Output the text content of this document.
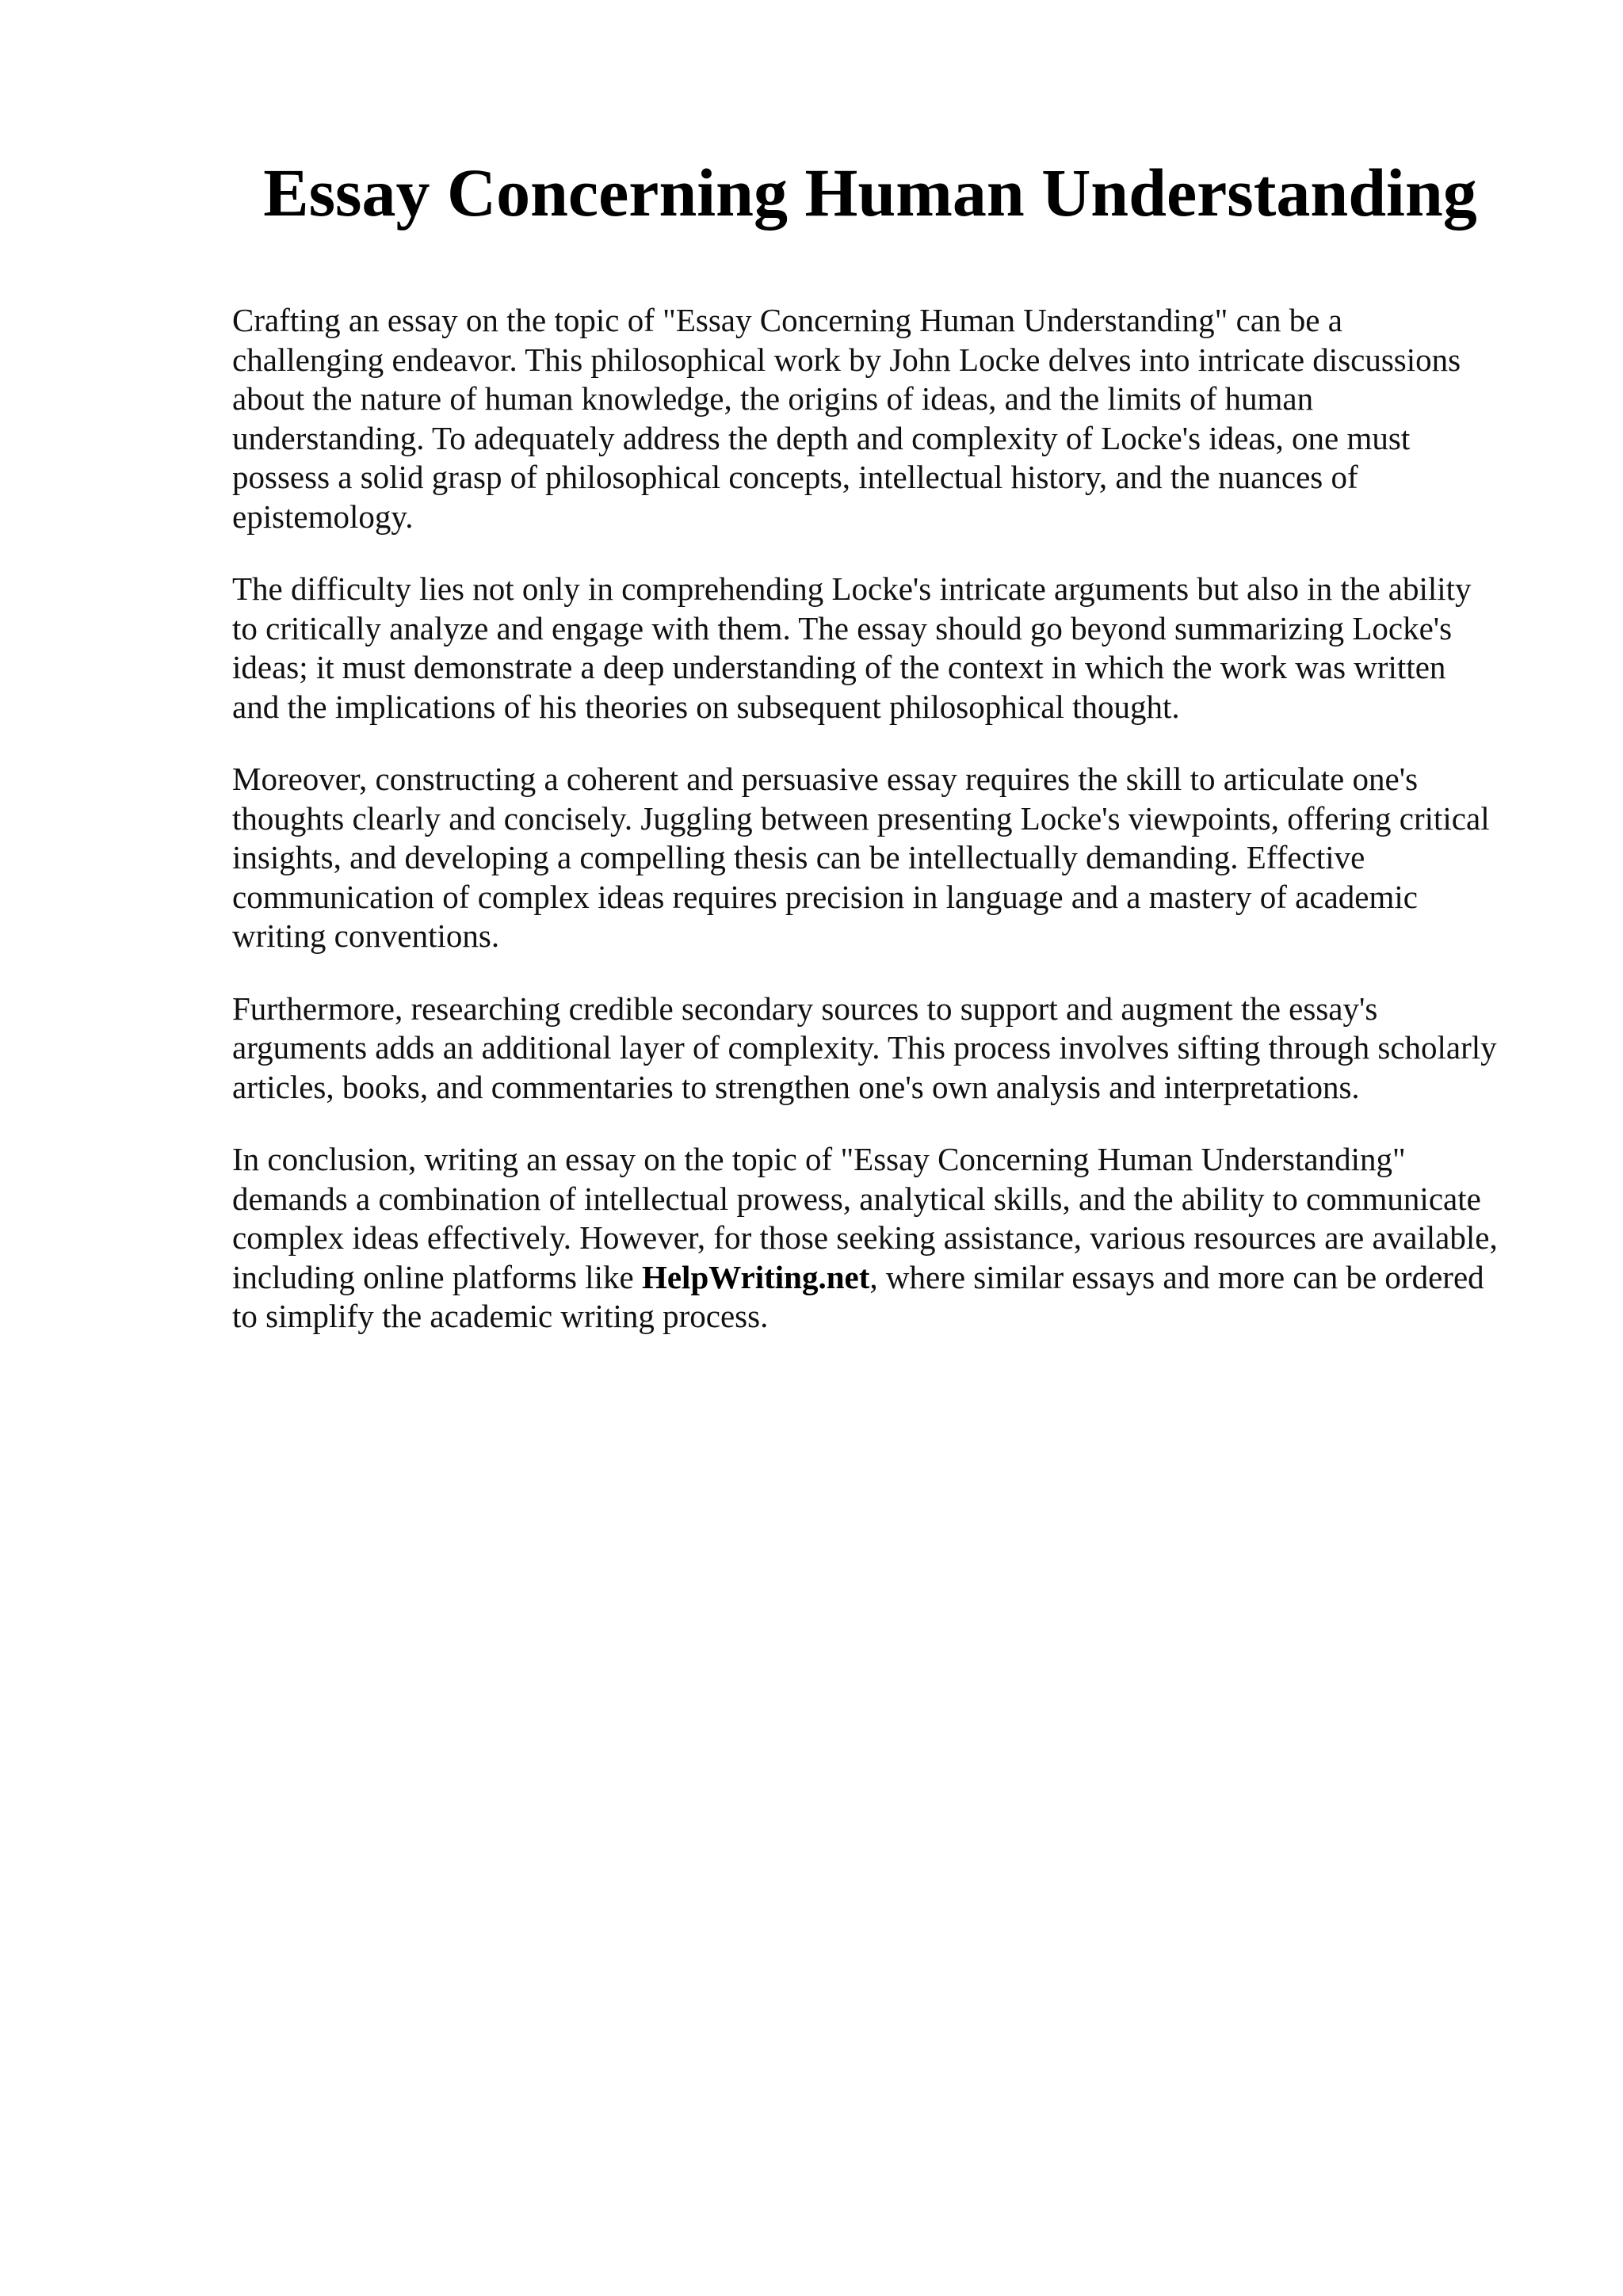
Essay Concerning Human Understanding

Crafting an essay on the topic of "Essay Concerning Human Understanding" can be a
challenging endeavor. This philosophical work by John Locke delves into intricate discussions
about the nature of human knowledge, the origins of ideas, and the limits of human
understanding. To adequately address the depth and complexity of Locke's ideas, one must
possess a solid grasp of philosophical concepts, intellectual history, and the nuances of
epistemology.

The difficulty lies not only in comprehending Locke's intricate arguments but also in the ability
to critically analyze and engage with them. The essay should go beyond summarizing Locke's
ideas; it must demonstrate a deep understanding of the context in which the work was written
and the implications of his theories on subsequent philosophical thought.

Moreover, constructing a coherent and persuasive essay requires the skill to articulate one's
thoughts clearly and concisely. Juggling between presenting Locke's viewpoints, offering critical
insights, and developing a compelling thesis can be intellectually demanding. Effective
communication of complex ideas requires precision in language and a mastery of academic
writing conventions.

Furthermore, researching credible secondary sources to support and augment the essay's
arguments adds an additional layer of complexity. This process involves sifting through scholarly
articles, books, and commentaries to strengthen one's own analysis and interpretations.

In conclusion, writing an essay on the topic of "Essay Concerning Human Understanding"
demands a combination of intellectual prowess, analytical skills, and the ability to communicate
complex ideas effectively. However, for those seeking assistance, various resources are available,
including online platforms like HelpWriting.net, where similar essays and more can be ordered
to simplify the academic writing process.
